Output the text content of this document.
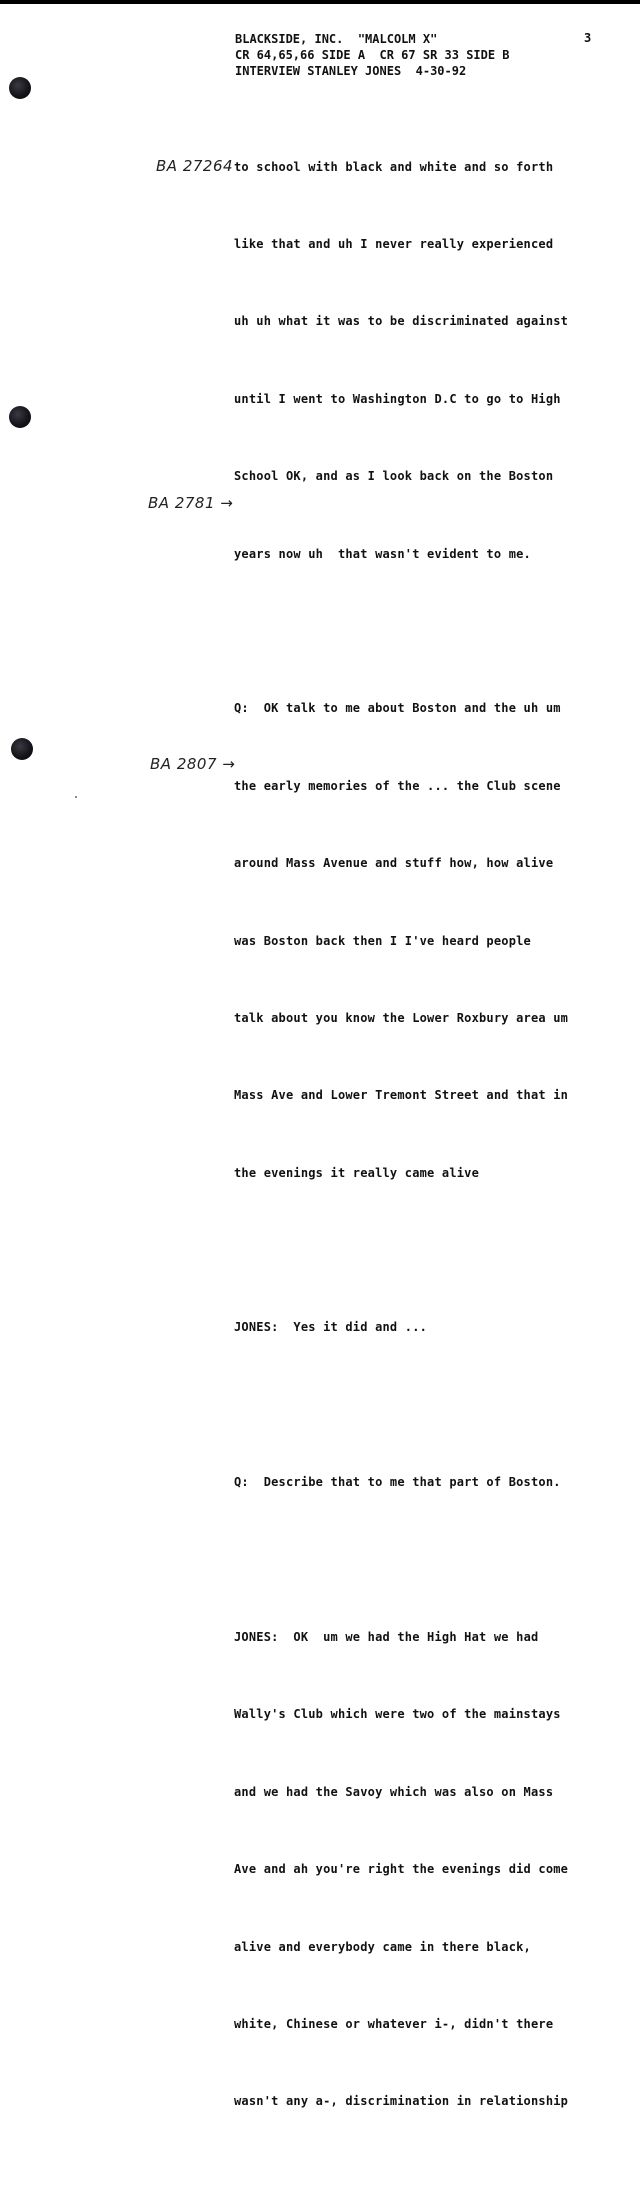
BLACKSIDE, INC.  "MALCOLM X"
CR 64,65,66 SIDE A  CR 67 SR 33 SIDE B
INTERVIEW STANLEY JONES  4-30-92
3
BA 27264
BA 2781 →
BA 2807 →

to school with black and white and so forth

like that and uh I never really experienced

uh uh what it was to be discriminated against

until I went to Washington D.C to go to High

School OK, and as I look back on the Boston

years now uh  that wasn't evident to me.

Q:  OK talk to me about Boston and the uh um

the early memories of the ... the Club scene

around Mass Avenue and stuff how, how alive

was Boston back then I I've heard people

talk about you know the Lower Roxbury area um

Mass Ave and Lower Tremont Street and that in

the evenings it really came alive

JONES:  Yes it did and ...

Q:  Describe that to me that part of Boston.

JONES:  OK  um we had the High Hat we had

Wally's Club which were two of the mainstays

and we had the Savoy which was also on Mass

Ave and ah you're right the evenings did come

alive and everybody came in there black,

white, Chinese or whatever i-, didn't there

wasn't any a-, discrimination in relationship
